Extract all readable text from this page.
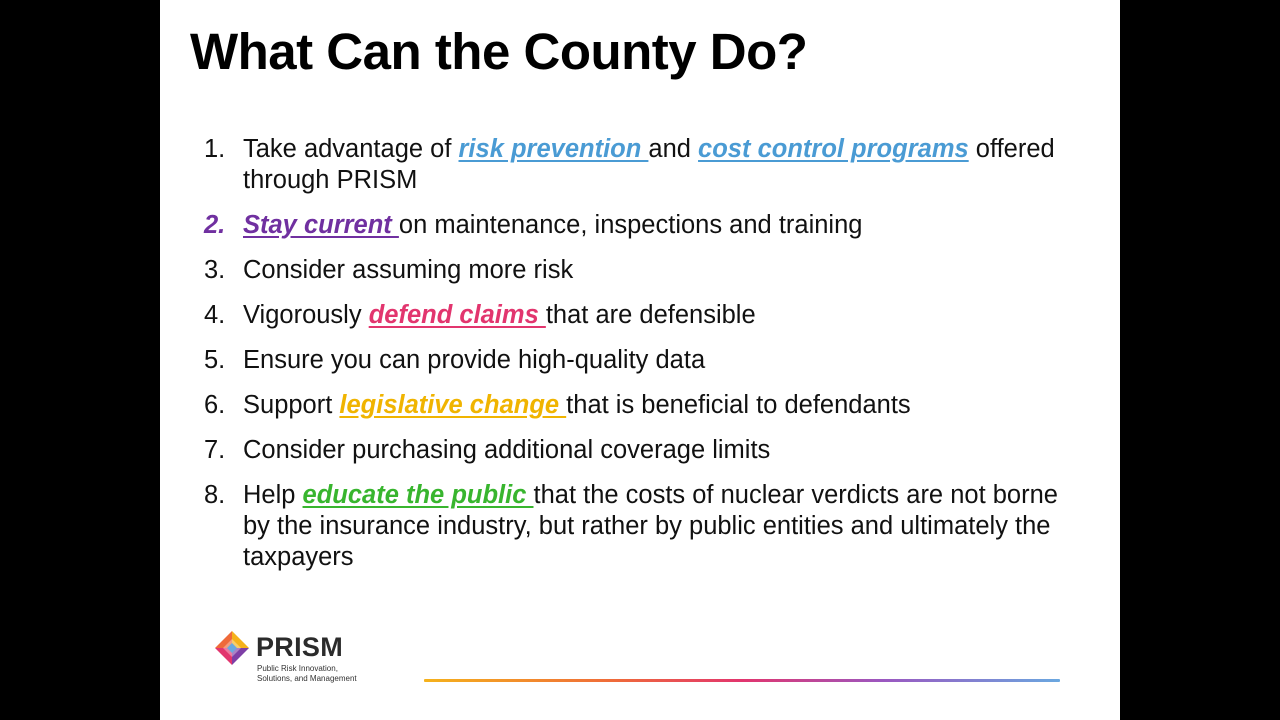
What Can the County Do?
1. Take advantage of risk prevention and cost control programs offered through PRISM
2. Stay current on maintenance, inspections and training
3. Consider assuming more risk
4. Vigorously defend claims that are defensible
5. Ensure you can provide high-quality data
6. Support legislative change that is beneficial to defendants
7. Consider purchasing additional coverage limits
8. Help educate the public that the costs of nuclear verdicts are not borne by the insurance industry, but rather by public entities and ultimately the taxpayers
PRISM
Public Risk Innovation,
Solutions, and Management
